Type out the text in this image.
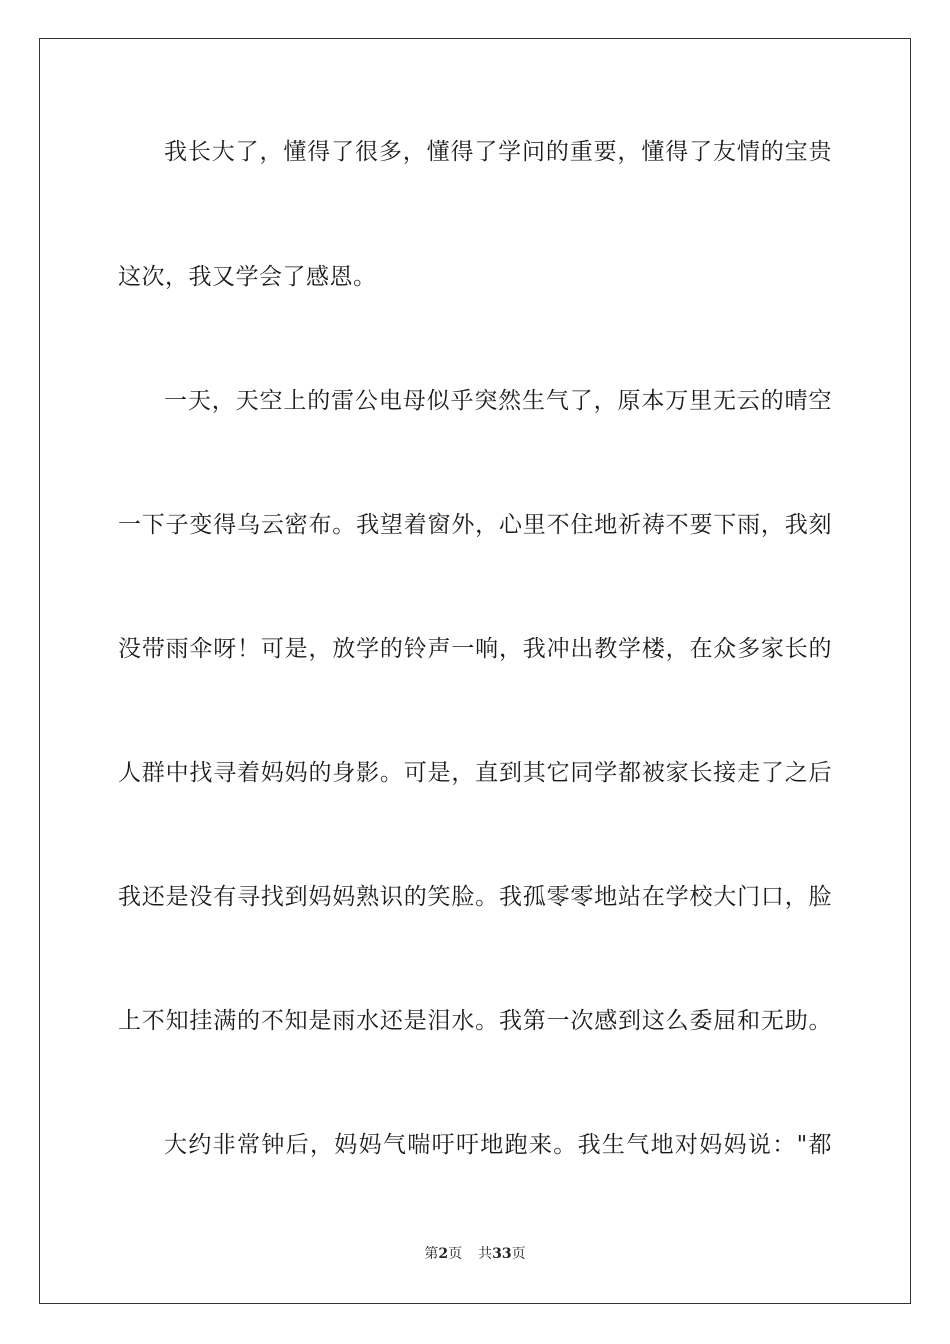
我长大了，懂得了很多，懂得了学问的重要，懂得了友情的宝贵
这次，我又学会了感恩。
一天，天空上的雷公电母似乎突然生气了，原本万里无云的晴空
一下子变得乌云密布。我望着窗外，心里不住地祈祷不要下雨，我刻
没带雨伞呀！可是，放学的铃声一响，我冲出教学楼，在众多家长的
人群中找寻着妈妈的身影。可是，直到其它同学都被家长接走了之后
我还是没有寻找到妈妈熟识的笑脸。我孤零零地站在学校大门口，脸
上不知挂满的不知是雨水还是泪水。我第一次感到这么委屈和无助。
大约非常钟后，妈妈气喘吁吁地跑来。我生气地对妈妈说："都
第2页 共33页
